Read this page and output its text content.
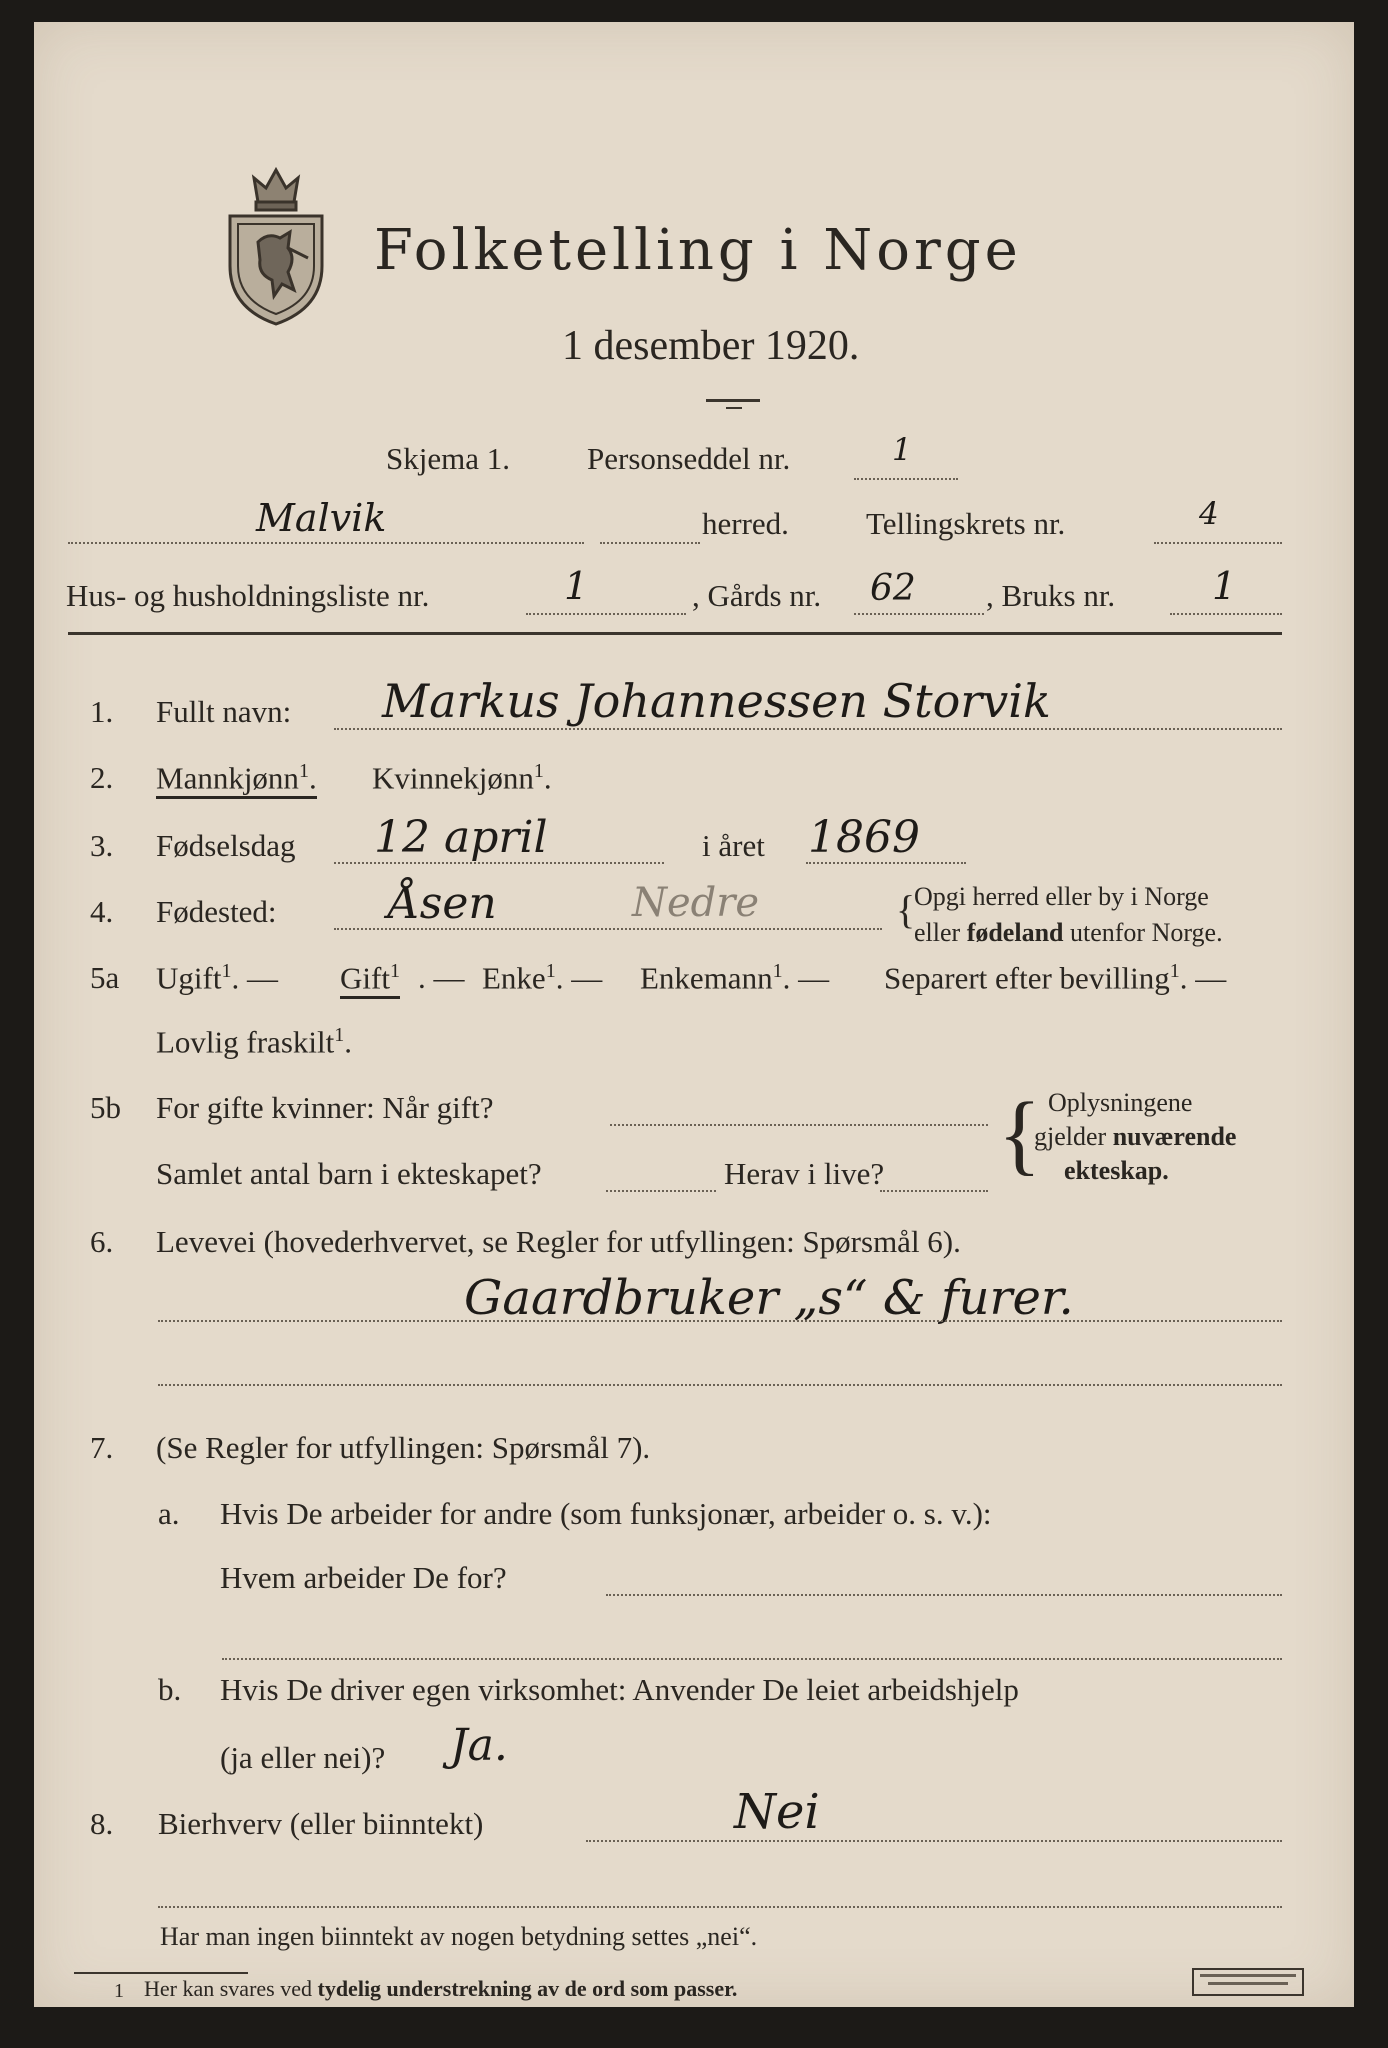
Folketelling i Norge
1 desember 1920.
Skjema 1. Personseddel nr.	1
Malvik	herred. Tellingskrets nr.	4
Hus- og husholdningsliste nr.	1	, Gårds nr. 62 , Bruks nr.	1
1. Fullt navn: Markus Johannessen Storvik
2. Mannkjønn$^1$. Kvinnekjønn$^1$.
3. Fødselsdag 12 april	i året 1869
4. Fødested:	Åsen	Nedre	{
Opgi herred eller by i Norge
eller fødeland utenfor Norge.
5a Ugift$^1$. — Gift$^1$ . — Enke$^1$. — Enkemann$^1$. — Separert efter bevilling$^1$. —
Lovlig fraskilt$^1$.
5b For gifte kvinner: Når gift?
Samlet antal barn i ekteskapet?	Herav i live? { Oplysningene
gjelder nuværende
ekteskap.
6. Levevei (hovederhvervet, se Regler for utfyllingen: Spørsmål 6).
Gaardbruker „s“ & furer.
7. (Se Regler for utfyllingen: Spørsmål 7).
a. Hvis De arbeider for andre (som funksjonær, arbeider o. s. v.):
Hvem arbeider De for?
b. Hvis De driver egen virksomhet: Anvender De leiet arbeidshjelp
(ja eller nei)? Ja.
8. Bierhverv (eller biinntekt)	Nei
Har man ingen biinntekt av nogen betydning settes „nei“.
1 Her kan svares ved tydelig understrekning av de ord som passer.
